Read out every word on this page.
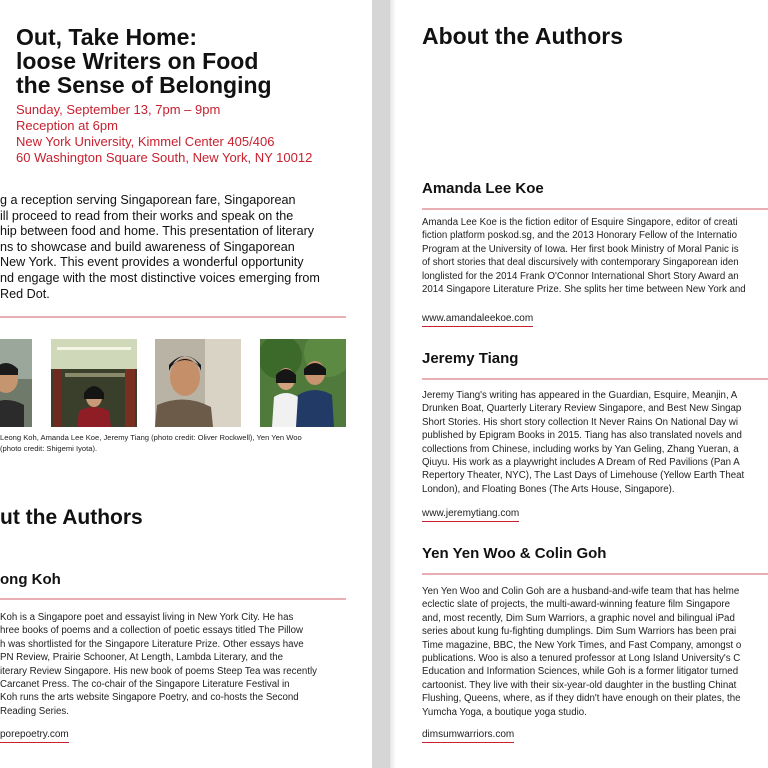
Out, Take Home:
loose Writers on Food
the Sense of Belonging
Sunday, September 13, 7pm – 9pm
Reception at 6pm
New York University, Kimmel Center 405/406
60 Washington Square South, New York, NY 10012
g a reception serving Singaporean fare, Singaporean
ill proceed to read from their works and speak on the
hip between food and home. This presentation of literary
ns to showcase and build awareness of Singaporean
New York. This event provides a wonderful opportunity
nd engage with the most distinctive voices emerging from
Red Dot.
Leong Koh, Amanda Lee Koe, Jeremy Tiang (photo credit: Oliver Rockwell), Yen Yen Woo
(photo credit: Shigemi Iyota).
ut the Authors
ong Koh
Koh is a Singapore poet and essayist living in New York City. He has
hree books of poems and a collection of poetic essays titled The Pillow
h was shortlisted for the Singapore Literature Prize. Other essays have
PN Review, Prairie Schooner, At Length, Lambda Literary, and the
iterary Review Singapore. His new book of poems Steep Tea was recently
Carcanet Press. The co-chair of the Singapore Literature Festival in
Koh runs the arts website Singapore Poetry, and co-hosts the Second
Reading Series.
porepoetry.com
About the Authors
Amanda Lee Koe
Amanda Lee Koe is the fiction editor of Esquire Singapore, editor of creati
fiction platform poskod.sg, and the 2013 Honorary Fellow of the Internatio
Program at the University of Iowa. Her first book Ministry of Moral Panic is
of short stories that deal discursively with contemporary Singaporean iden
longlisted for the 2014 Frank O'Connor International Short Story Award an
2014 Singapore Literature Prize. She splits her time between New York and
www.amandaleekoe.com
Jeremy Tiang
Jeremy Tiang's writing has appeared in the Guardian, Esquire, Meanjin, A
Drunken Boat, Quarterly Literary Review Singapore, and Best New Singap
Short Stories. His short story collection It Never Rains On National Day wi
published by Epigram Books in 2015. Tiang has also translated novels and
collections from Chinese, including works by Yan Geling, Zhang Yueran, a
Qiuyu. His work as a playwright includes A Dream of Red Pavilions (Pan A
Repertory Theater, NYC), The Last Days of Limehouse (Yellow Earth Theat
London), and Floating Bones (The Arts House, Singapore).
www.jeremytiang.com
Yen Yen Woo & Colin Goh
Yen Yen Woo and Colin Goh are a husband-and-wife team that has helme
eclectic slate of projects, the multi-award-winning feature film Singapore
and, most recently, Dim Sum Warriors, a graphic novel and bilingual iPad
series about kung fu-fighting dumplings. Dim Sum Warriors has been prai
Time magazine, BBC, the New York Times, and Fast Company, amongst o
publications. Woo is also a tenured professor at Long Island University's C
Education and Information Sciences, while Goh is a former litigator turned
cartoonist. They live with their six-year-old daughter in the bustling Chinat
Flushing, Queens, where, as if they didn't have enough on their plates, the
Yumcha Yoga, a boutique yoga studio.
dimsumwarriors.com
